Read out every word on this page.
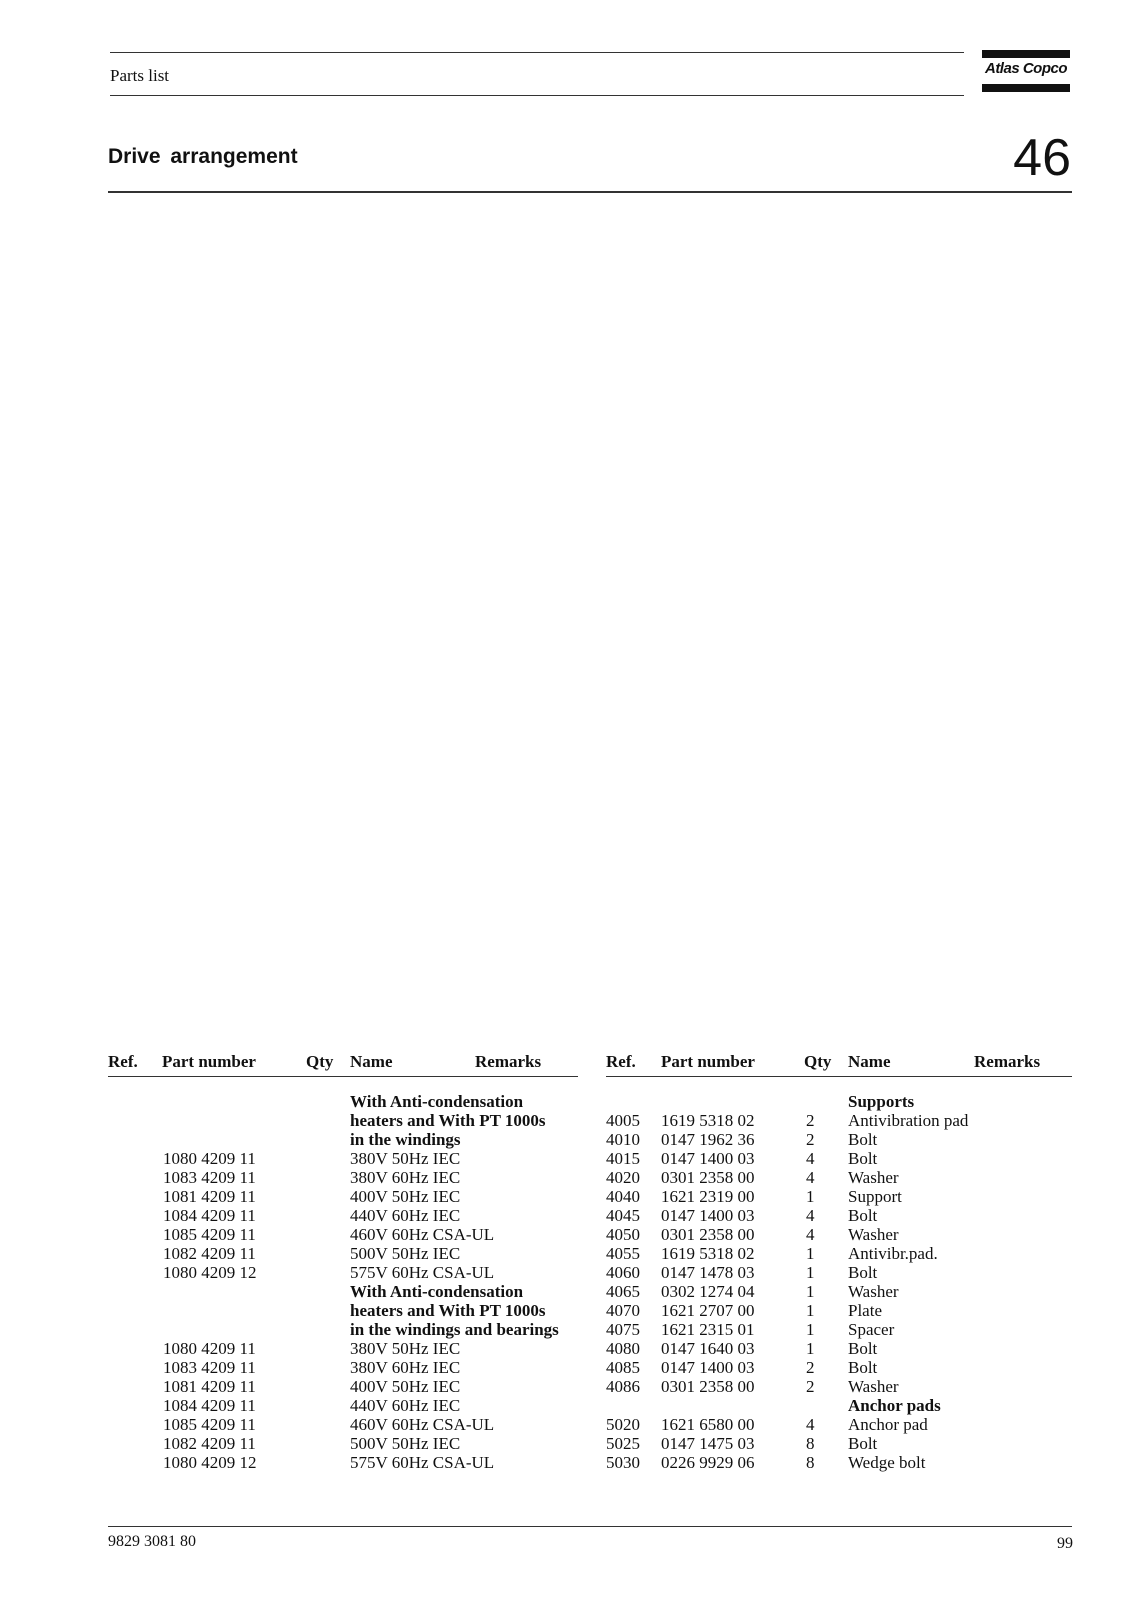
Parts list	Atlas Copco
Drive arrangement	46
Ref. Part number	Qty Name	Remarks	Ref. Part number	Qty Name	Remarks
With Anti-condensation
heaters and With PT 1000s
in the windings
1080 4209 11	380V 50Hz IEC
1083 4209 11	380V 60Hz IEC
1081 4209 11	400V 50Hz IEC
1084 4209 11	440V 60Hz IEC
1085 4209 11	460V 60Hz CSA-UL
1082 4209 11	500V 50Hz IEC
1080 4209 12	575V 60Hz CSA-UL
With Anti-condensation
heaters and With PT 1000s
in the windings and bearings
1080 4209 11	380V 50Hz IEC
1083 4209 11	380V 60Hz IEC
1081 4209 11	400V 50Hz IEC
1084 4209 11	440V 60Hz IEC
1085 4209 11	460V 60Hz CSA-UL
1082 4209 11	500V 50Hz IEC
1080 4209 12	575V 60Hz CSA-UL
Supports
4005 1619 5318 02	2 Antivibration pad
4010 0147 1962 36	2 Bolt
4015 0147 1400 03	4 Bolt
4020 0301 2358 00	4 Washer
4040 1621 2319 00	1 Support
4045 0147 1400 03	4 Bolt
4050 0301 2358 00	4 Washer
4055 1619 5318 02	1 Antivibr.pad.
4060 0147 1478 03	1 Bolt
4065 0302 1274 04	1 Washer
4070 1621 2707 00	1 Plate
4075 1621 2315 01	1 Spacer
4080 0147 1640 03	1 Bolt
4085 0147 1400 03	2 Bolt
4086 0301 2358 00	2 Washer
Anchor pads
5020 1621 6580 00	4 Anchor pad
5025 0147 1475 03	8 Bolt
5030 0226 9929 06	8 Wedge bolt
9829 3081 80	99
